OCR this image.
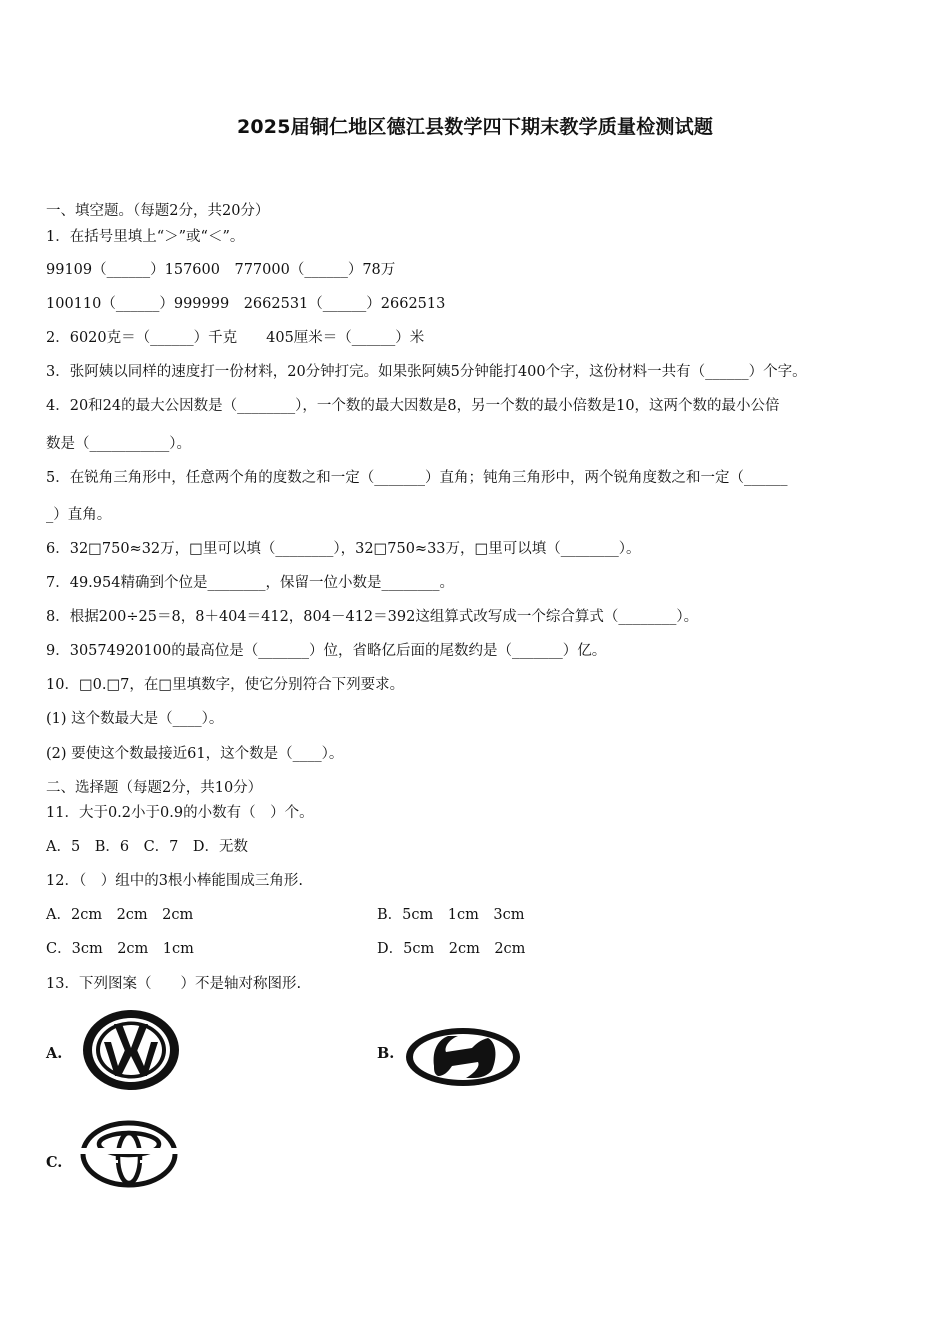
2025届铜仁地区德江县数学四下期末教学质量检测试题
一、填空题。（每题2分，共20分）
1．在括号里填上“＞”或“＜”。
99109（______）157600　777000（______）78万
100110（______）999999　2662531（______）2662513
2．6020克＝（______）千克　　405厘米＝（______）米
3．张阿姨以同样的速度打一份材料，20分钟打完。如果张阿姨5分钟能打400个字，这份材料一共有（______）个字。
4．20和24的最大公因数是（________），一个数的最大因数是8，另一个数的最小倍数是10，这两个数的最小公倍
数是（___________）。
5．在锐角三角形中，任意两个角的度数之和一定（_______）直角；钝角三角形中，两个锐角度数之和一定（______
_）直角。
6．32□750≈32万，□里可以填（________），32□750≈33万，□里可以填（________）。
7．49.954精确到个位是________，保留一位小数是________。
8．根据200÷25＝8，8＋404＝412，804－412＝392这组算式改写成一个综合算式（________）。
9．30574920100的最高位是（_______）位，省略亿后面的尾数约是（_______）亿。
10．□0.□7，在□里填数字，使它分别符合下列要求。
(1) 这个数最大是（____）。
(2) 要使这个数最接近61，这个数是（____）。
二、选择题（每题2分，共10分）
11．大于0.2小于0.9的小数有（　）个。
A．5　B．6　C．7　D．无数
12．（　）组中的3根小棒能围成三角形.
A．2cm　2cm　2cm	B．5cm　1cm　3cm
C．3cm　2cm　1cm	D．5cm　2cm　2cm
13．下列图案（　　）不是轴对称图形.
A.	B.
C.
